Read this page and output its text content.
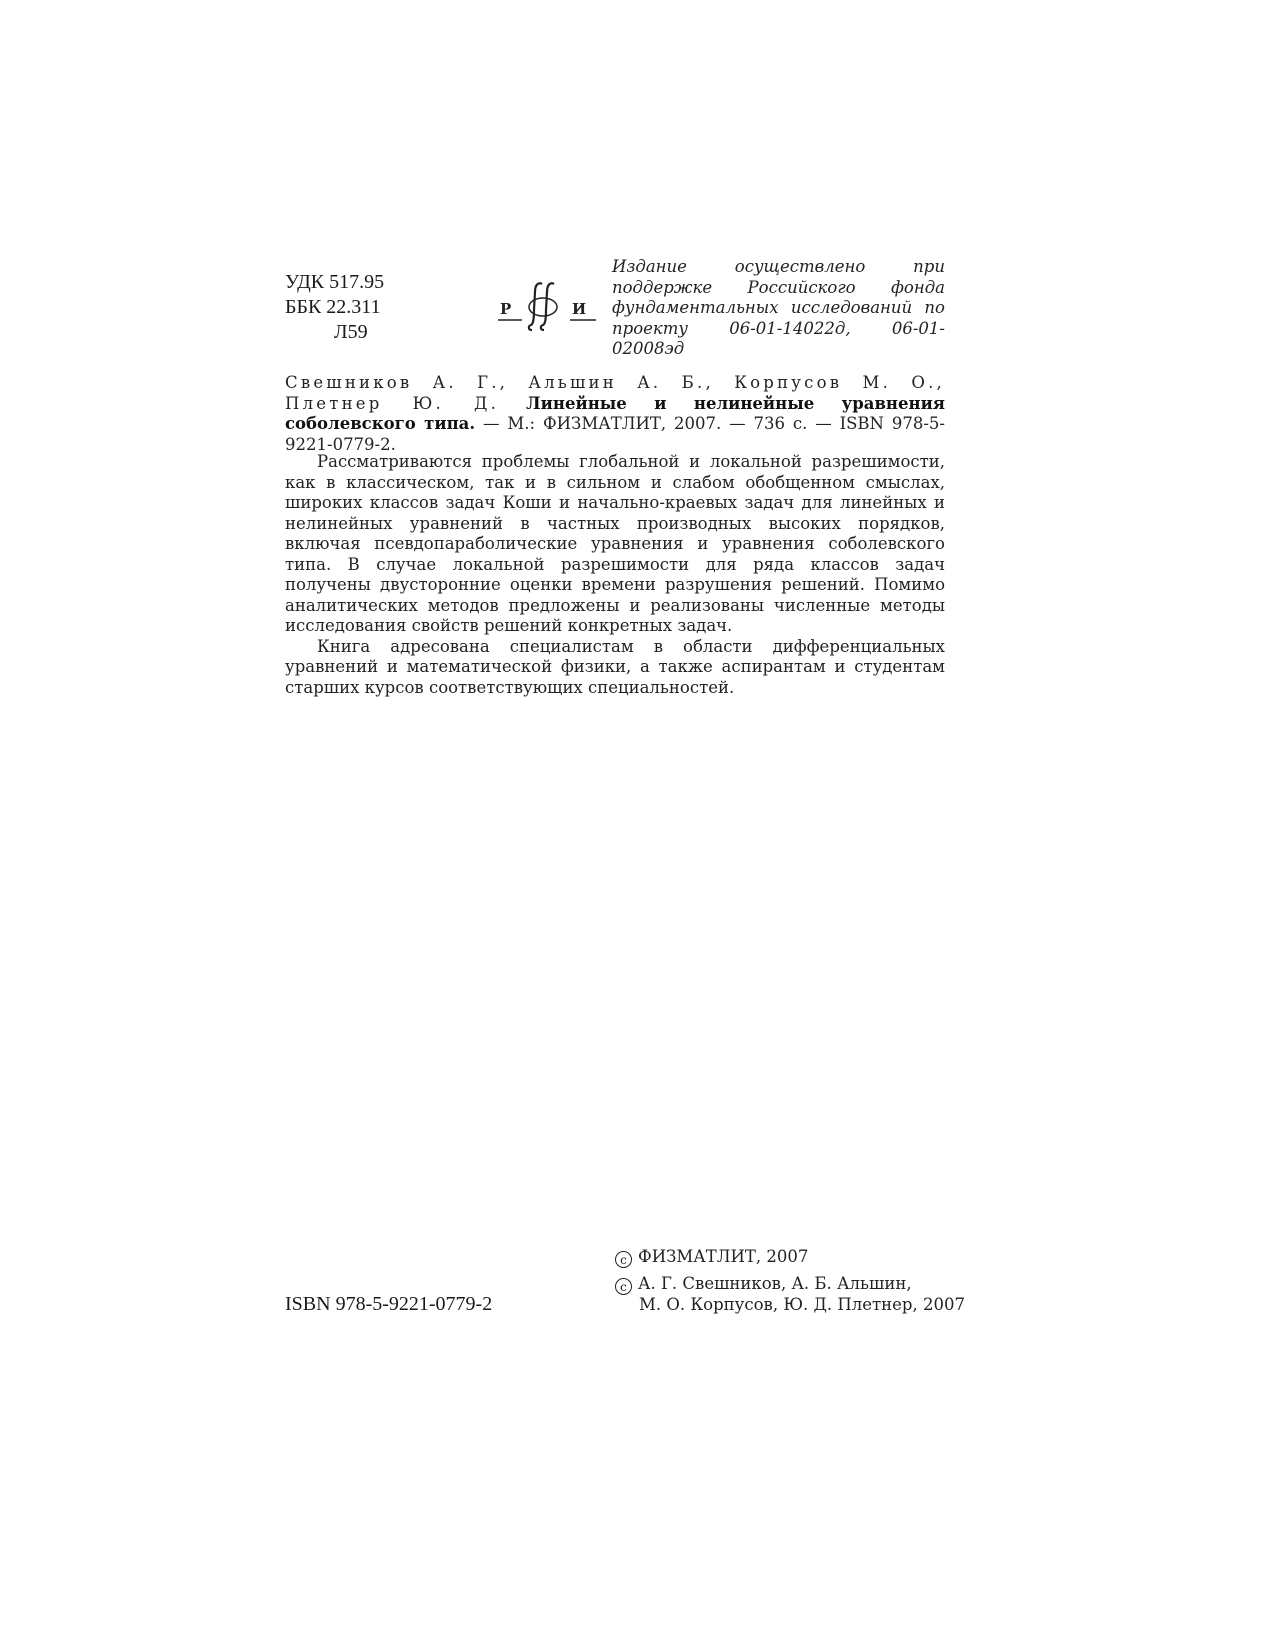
УДК 517.95
ББК 22.311
Л59
Р	И
Издание осуществлено при поддержке Российского фонда фундаментальных исследований по проекту 06-01-14022д, 06-01-02008эд
Свешников А. Г., Альшин А. Б., Корпусов М. О., Плетнер Ю. Д. Линейные и нелинейные уравнения соболевского типа. — М.: ФИЗМАТЛИТ, 2007. — 736 с. — ISBN 978-5-9221-0779-2.

Рассматриваются проблемы глобальной и локальной разрешимости, как в классическом, так и в сильном и слабом обобщенном смыслах, широких классов задач Коши и начально-краевых задач для линейных и нелинейных уравнений в частных производных высоких порядков, включая псевдопараболические уравнения и уравнения соболевского типа. В случае локальной разрешимости для ряда классов задач получены двусторонние оценки времени разрушения решений. Помимо аналитических методов предложены и реализованы численные методы исследования свойств решений конкретных задач.

Книга адресована специалистам в области дифференциальных уравнений и математической физики, а также аспирантам и студентам старших курсов соответствующих специальностей.

ISBN 978-5-9221-0779-2
c ФИЗМАТЛИТ, 2007
c А. Г. Свешников, А. Б. Альшин,
М. О. Корпусов, Ю. Д. Плетнер, 2007
